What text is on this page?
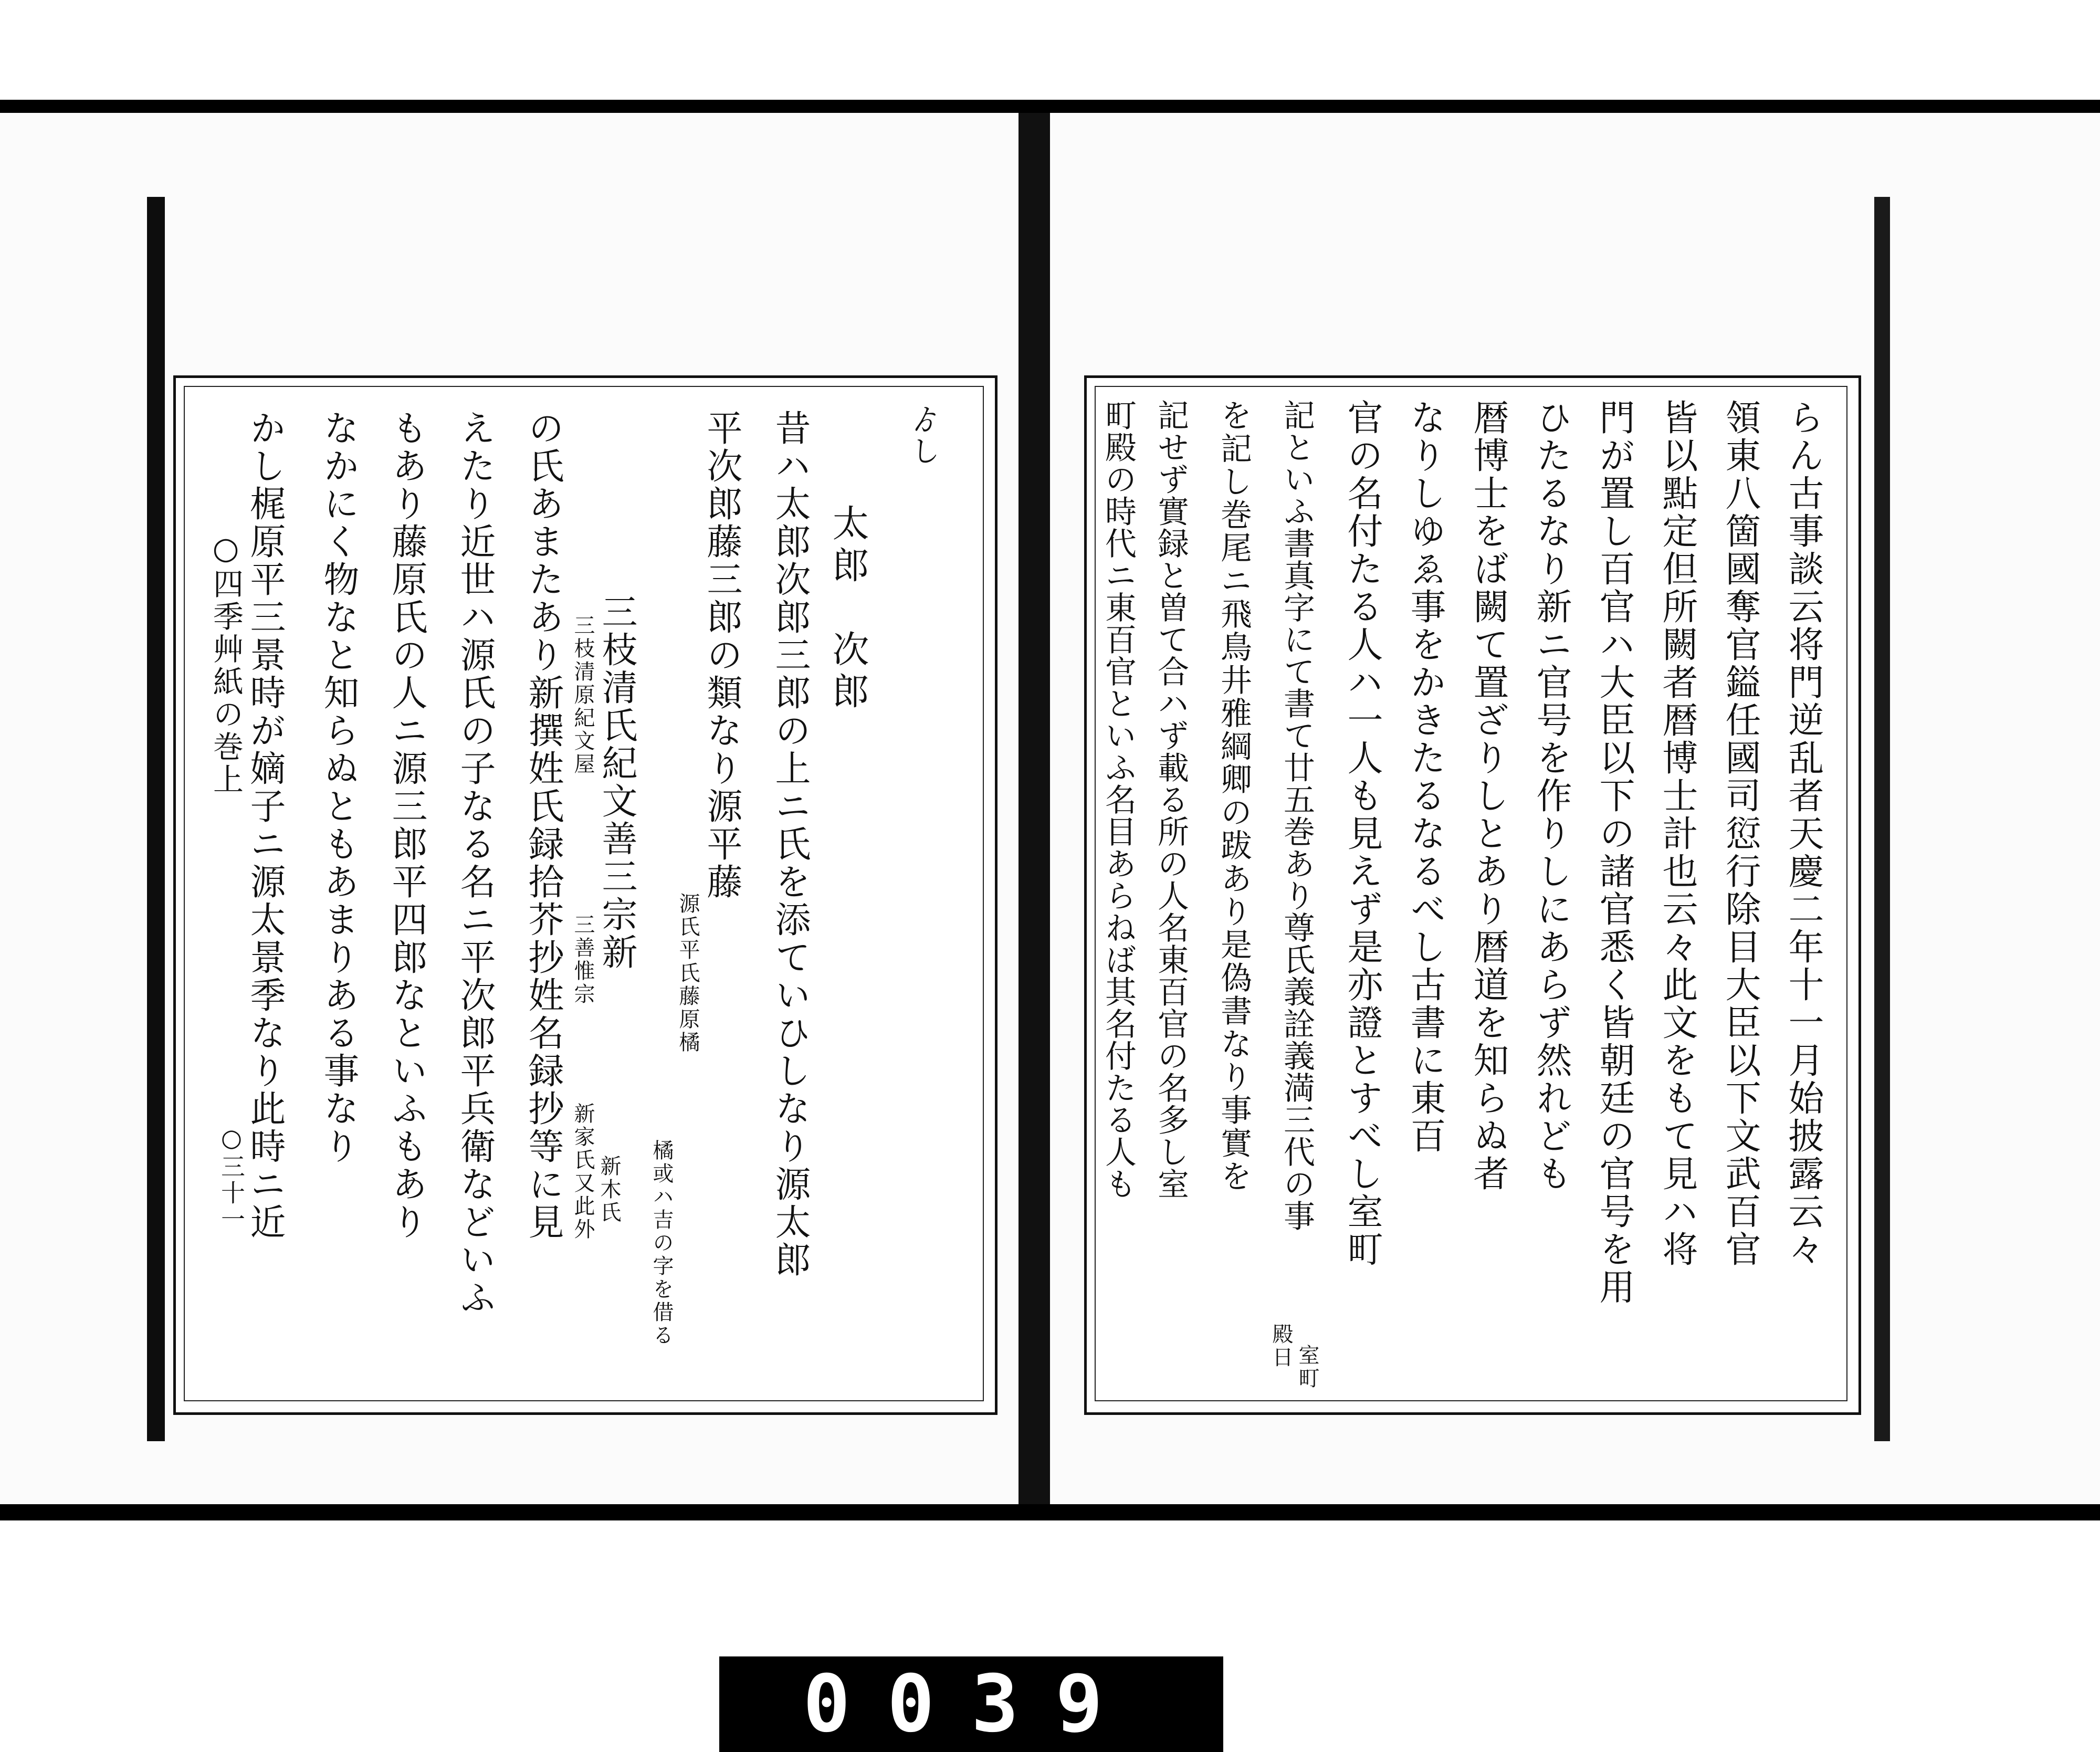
○四季艸紙の巻上
○三十一
ゟし
太郎　次郎
昔ハ太郎次郎三郎の上ニ氏を添ていひしなり源太郎
平次郎藤三郎の類なり源平藤
源氏平氏藤原橘
橘或ハ吉の字を借る
三枝清氏紀文善三宗新
三枝清原紀文屋
三善惟宗
新家氏又此外 新木氏
の氏あまたあり新撰姓氏録拾芥抄姓名録抄等に見
えたり近世ハ源氏の子なる名ニ平次郎平兵衛などいふ
もあり藤原氏の人ニ源三郎平四郎なといふもあり
なかにく物なと知らぬともあまりある事なり
かし梶原平三景時が嫡子ニ源太景季なり此時ニ近	らん古事談云将門逆乱者天慶二年十一月始披露云々
領東八箇國奪官鎰任國司愆行除目大臣以下文武百官
皆以點定但所闕者暦博士計也云々此文をもて見ハ将
門が置し百官ハ大臣以下の諸官悉く皆朝廷の官号を用
ひたるなり新ニ官号を作りしにあらず然れども
暦博士をば闕て置ざりしとあり暦道を知らぬ者
なりしゆゑ事をかきたるなるべし古書に東百
官の名付たる人ハ一人も見えず是亦證とすべし室町
記といふ書真字にて書て廿五巻あり尊氏義詮義満三代の事
を記し巻尾ニ飛鳥井雅綱卿の跋あり是偽書なり事實を
記せず實録と曽て合ハず載る所の人名東百官の名多し室
町殿の時代ニ東百官といふ名目あらねば其名付たる人も
殿日 室町
0039
